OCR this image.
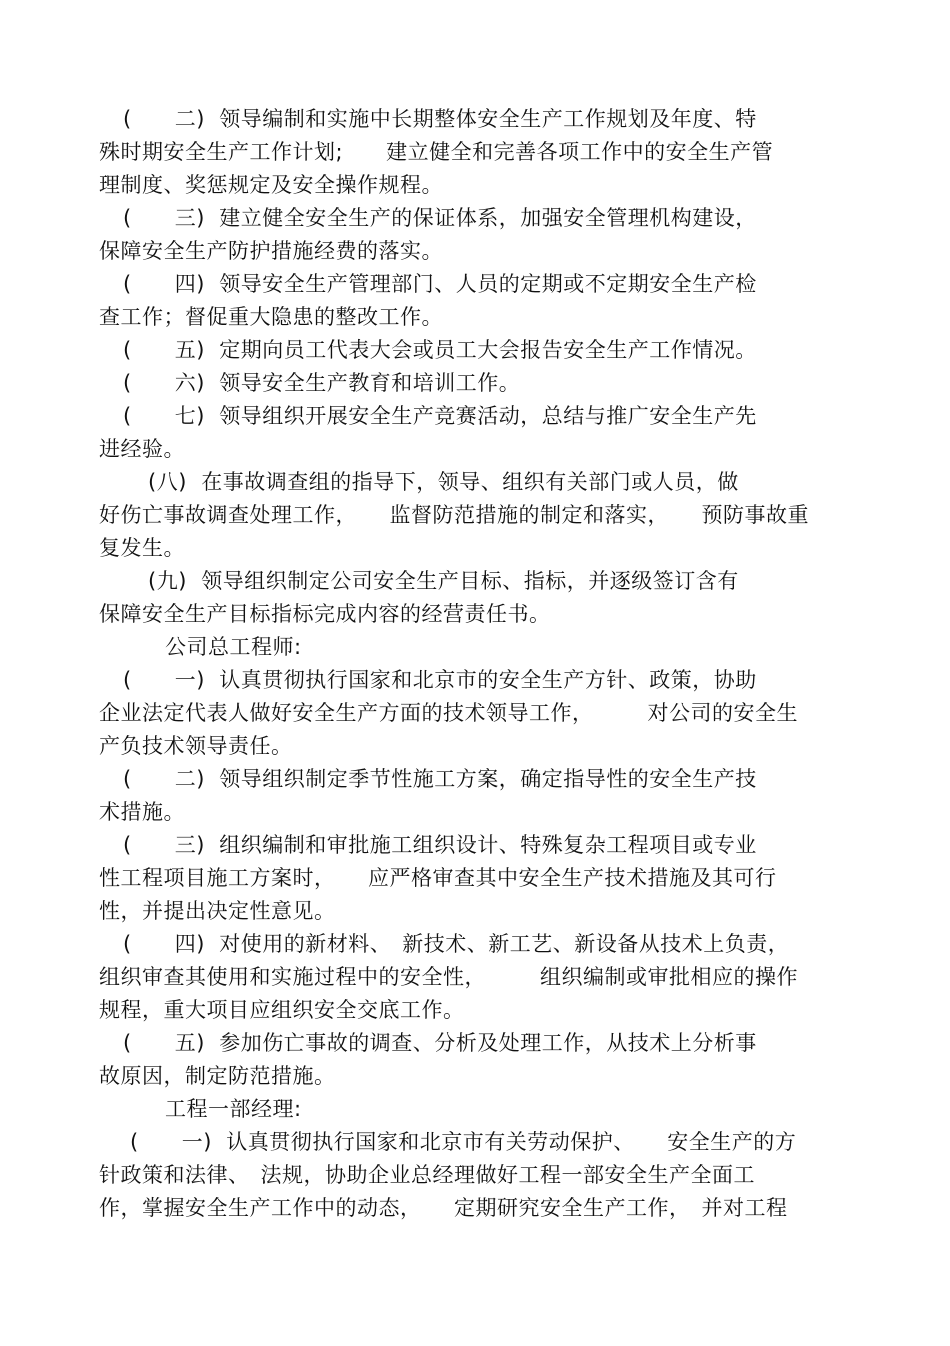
(　　二)  领导编制和实施中长期整体安全生产工作规划及年度、特
殊时期安全生产工作计划;　　建立健全和完善各项工作中的安全生产管
理制度、奖惩规定及安全操作规程。
(　　三)  建立健全安全生产的保证体系，加强安全管理机构建设，
保障安全生产防护措施经费的落实。
(　　四)  领导安全生产管理部门、人员的定期或不定期安全生产检
查工作；督促重大隐患的整改工作。
(　　五)  定期向员工代表大会或员工大会报告安全生产工作情况。
(　　六)  领导安全生产教育和培训工作。
(　　七)  领导组织开展安全生产竞赛活动，总结与推广安全生产先
进经验。
(八)  在事故调查组的指导下，领导、组织有关部门或人员，做
好伤亡事故调查处理工作，　　监督防范措施的制定和落实，　　预防事故重
复发生。
(九)  领导组织制定公司安全生产目标、指标，并逐级签订含有
保障安全生产目标指标完成内容的经营责任书。
公司总工程师:
(　　一)  认真贯彻执行国家和北京市的安全生产方针、政策，协助
企业法定代表人做好安全生产方面的技术领导工作，　　　对公司的安全生
产负技术领导责任。
(　　二)  领导组织制定季节性施工方案，确定指导性的安全生产技
术措施。
(　　三)  组织编制和审批施工组织设计、特殊复杂工程项目或专业
性工程项目施工方案时，　　应严格审查其中安全生产技术措施及其可行
性，并提出决定性意见。
(　　四)  对使用的新材料、　新技术、新工艺、新设备从技术上负责，
组织审查其使用和实施过程中的安全性，　　　组织编制或审批相应的操作
规程，重大项目应组织安全交底工作。
(　　五)  参加伤亡事故的调查、分析及处理工作，从技术上分析事
故原因，制定防范措施。
工程一部经理:
(　　一)  认真贯彻执行国家和北京市有关劳动保护、　　安全生产的方
针政策和法律、　法规，协助企业总经理做好工程一部安全生产全面工
作，掌握安全生产工作中的动态，　　定期研究安全生产工作，　并对工程
